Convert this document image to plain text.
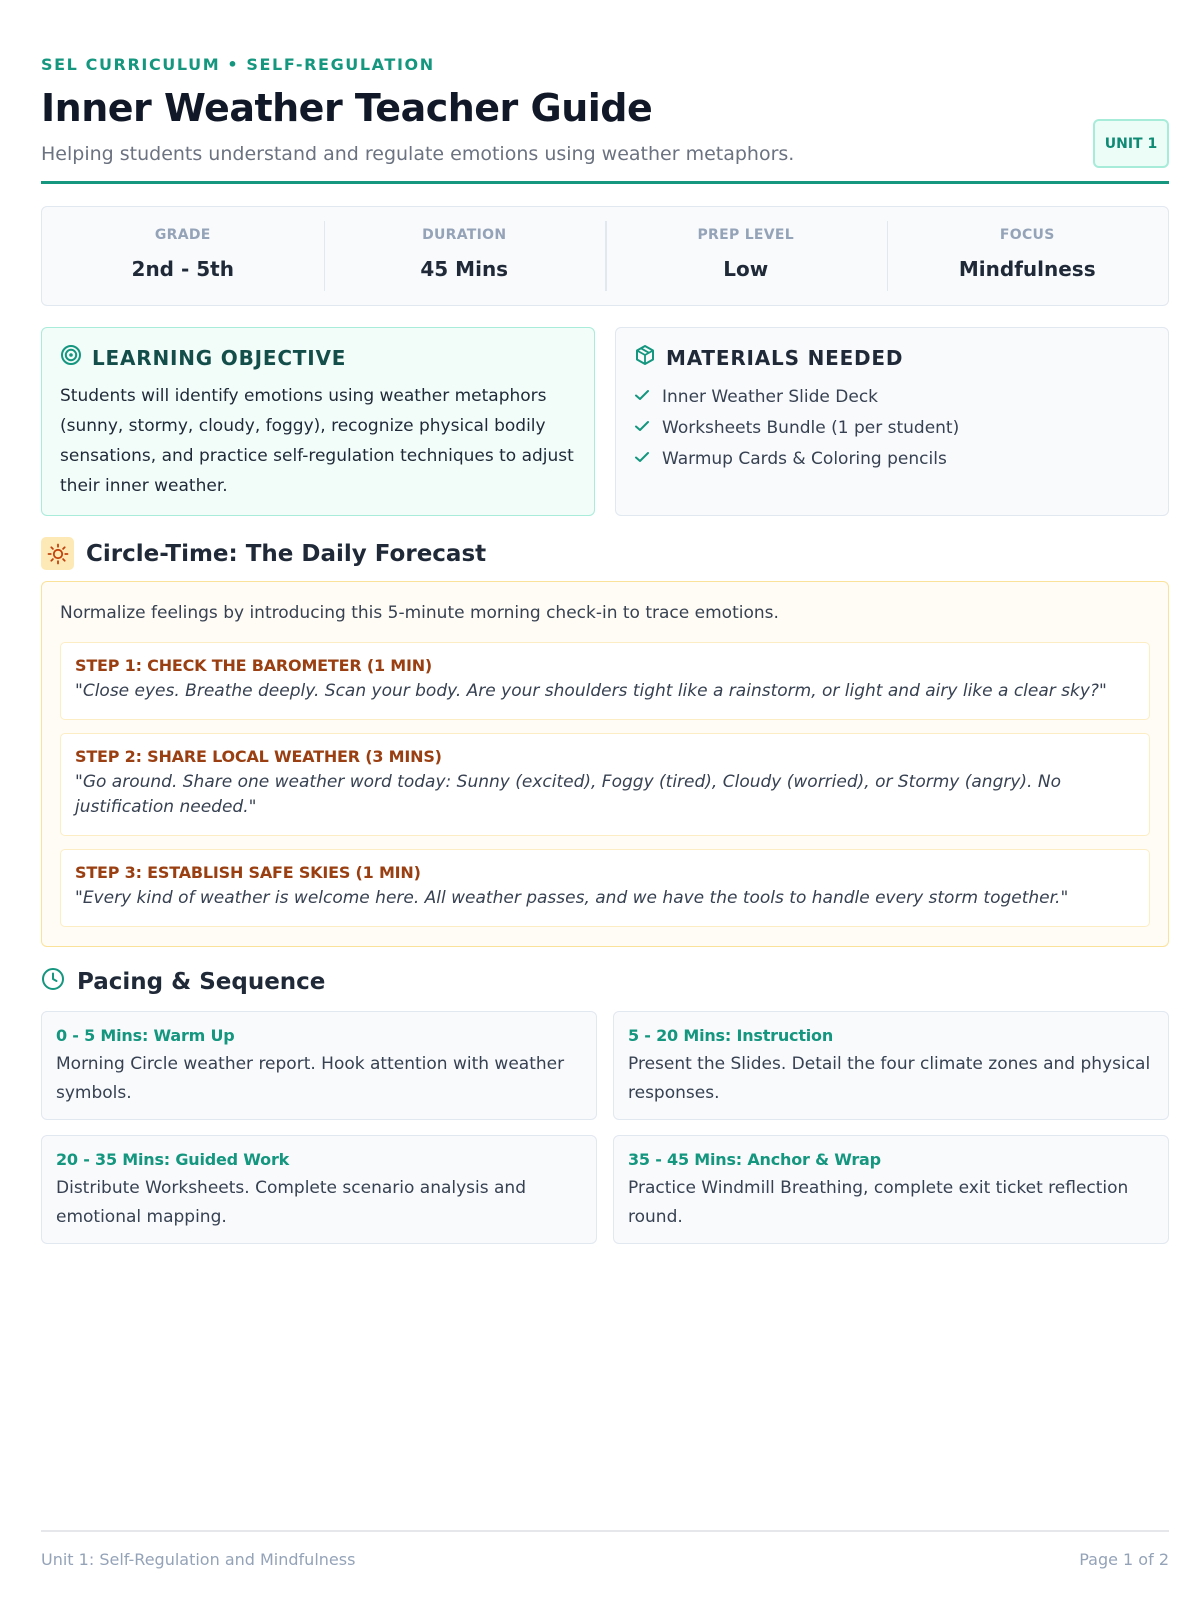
SEL CURRICULUM • SELF-REGULATION
Inner Weather Teacher Guide
Helping students understand and regulate emotions using weather metaphors.	UNIT 1
GRADE
2nd - 5th
DURATION
45 Mins
PREP LEVEL
Low
FOCUS
Mindfulness
LEARNING OBJECTIVE

Students will identify emotions using weather metaphors (sunny, stormy, cloudy, foggy), recognize physical bodily sensations, and practice self-regulation techniques to adjust their inner weather.

MATERIALS NEEDED
Inner Weather Slide Deck
Worksheets Bundle (1 per student)
Warmup Cards & Coloring pencils
Circle-Time: The Daily Forecast
Normalize feelings by introducing this 5-minute morning check-in to trace emotions.
STEP 1: CHECK THE BAROMETER (1 MIN)
"Close eyes. Breathe deeply. Scan your body. Are your shoulders tight like a rainstorm, or light and airy like a clear sky?"
STEP 2: SHARE LOCAL WEATHER (3 MINS)
"Go around. Share one weather word today: Sunny (excited), Foggy (tired), Cloudy (worried), or Stormy (angry). No justification needed."
STEP 3: ESTABLISH SAFE SKIES (1 MIN)
"Every kind of weather is welcome here. All weather passes, and we have the tools to handle every storm together."
Pacing & Sequence
0 - 5 Mins: Warm Up
Morning Circle weather report. Hook attention with weather symbols.
5 - 20 Mins: Instruction
Present the Slides. Detail the four climate zones and physical responses.
20 - 35 Mins: Guided Work
Distribute Worksheets. Complete scenario analysis and emotional mapping.
35 - 45 Mins: Anchor & Wrap
Practice Windmill Breathing, complete exit ticket reflection round.
Unit 1: Self-Regulation and Mindfulness	Page 1 of 2
